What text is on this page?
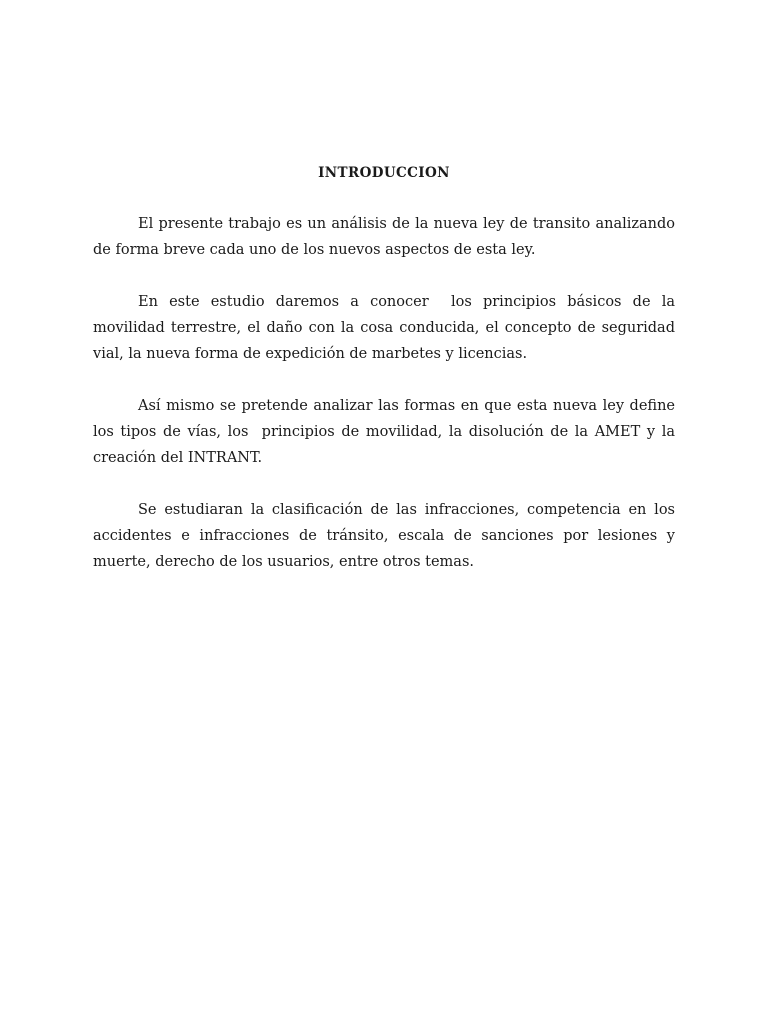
INTRODUCCION

El presente trabajo es un análisis de la nueva ley de transito analizando de forma breve cada uno de los nuevos aspectos de esta ley.

En este estudio daremos a conocer  los principios básicos de la movilidad terrestre, el daño con la cosa conducida, el concepto de seguridad vial, la nueva forma de expedición de marbetes y licencias.

Así mismo se pretende analizar las formas en que esta nueva ley define los tipos de vías, los  principios de movilidad, la disolución de la AMET y la creación del INTRANT.

Se estudiaran la clasificación de las infracciones, competencia en los accidentes e infracciones de tránsito, escala de sanciones por lesiones y muerte, derecho de los usuarios, entre otros temas.
